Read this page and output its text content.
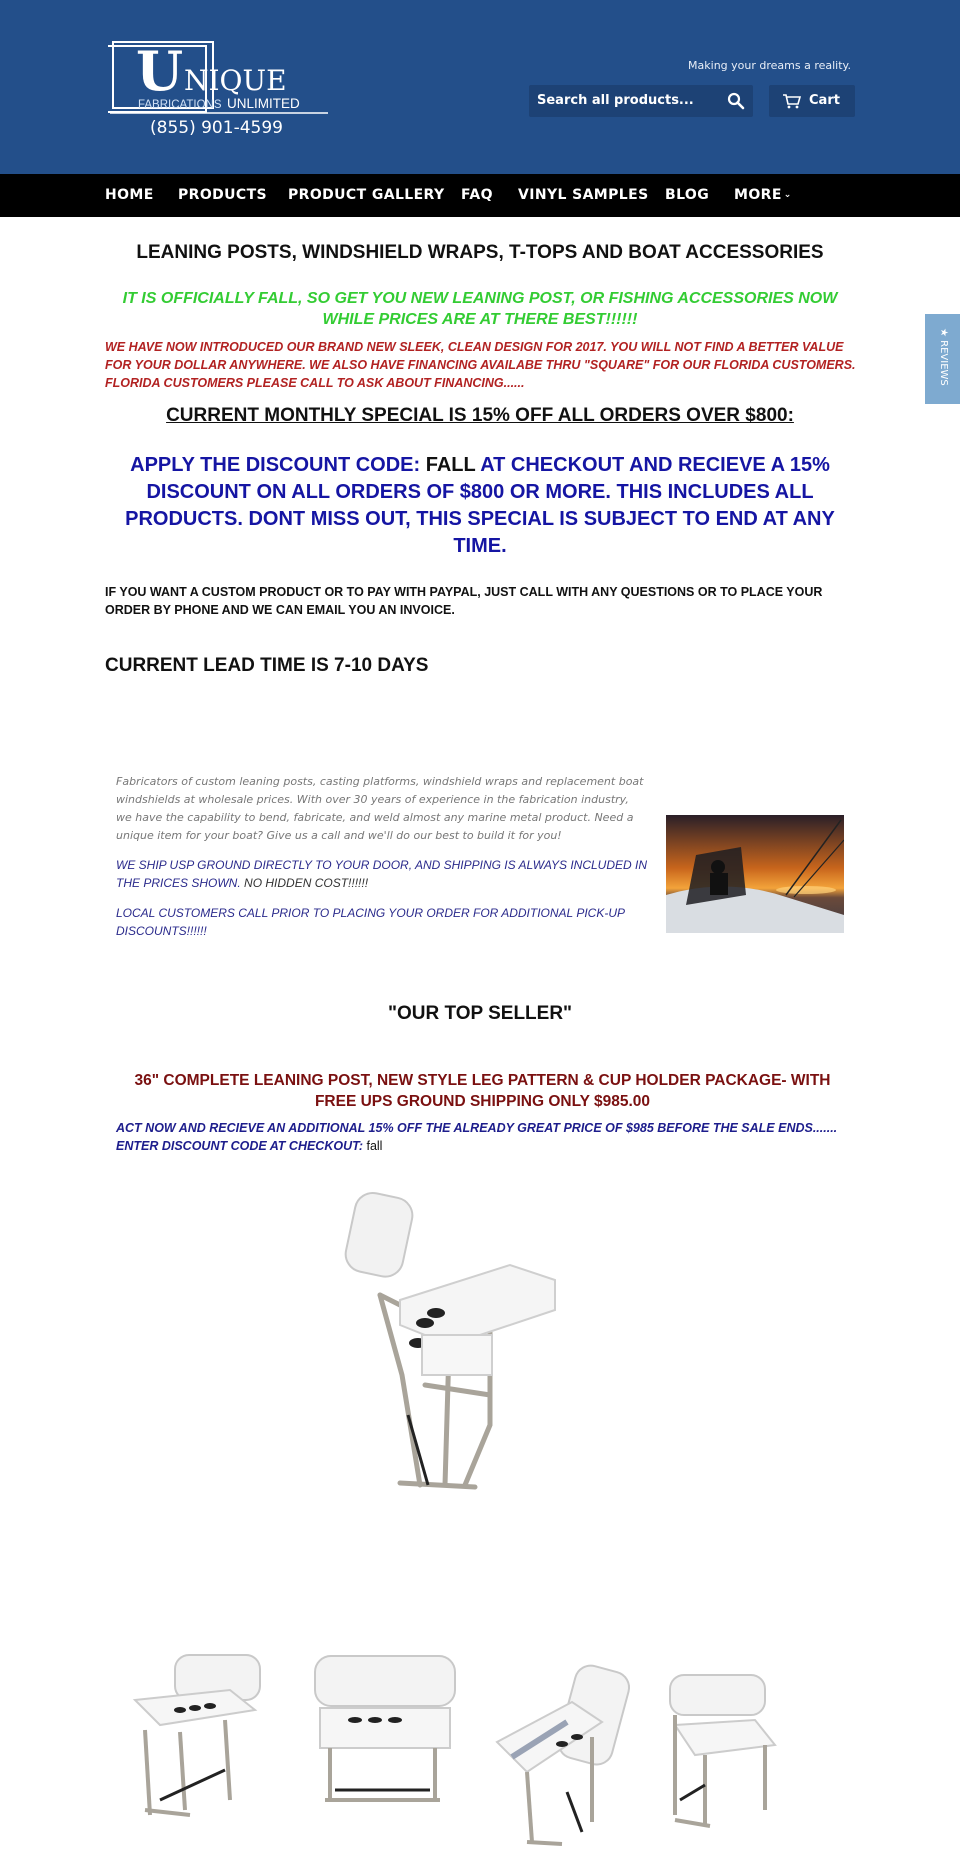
U NIQUE
FABRICATIONS UNLIMITED
(855) 901-4599
Making your dreams a reality.
Search all products...	Cart
HOME PRODUCTS PRODUCT GALLERY FAQ VINYL SAMPLES BLOG MORE ⌄
★ REVIEWS
LEANING POSTS, WINDSHIELD WRAPS, T-TOPS AND BOAT ACCESSORIES
IT IS OFFICIALLY FALL, SO GET YOU NEW LEANING POST, OR FISHING ACCESSORIES NOW WHILE PRICES ARE AT THERE BEST!!!!!!
WE HAVE NOW INTRODUCED OUR BRAND NEW SLEEK, CLEAN DESIGN FOR 2017. YOU WILL NOT FIND A BETTER VALUE FOR YOUR DOLLAR ANYWHERE. WE ALSO HAVE FINANCING AVAILABE THRU "SQUARE" FOR OUR FLORIDA CUSTOMERS. FLORIDA CUSTOMERS PLEASE CALL TO ASK ABOUT FINANCING......
CURRENT MONTHLY SPECIAL IS 15% OFF ALL ORDERS OVER $800:
APPLY THE DISCOUNT CODE: FALL AT CHECKOUT AND RECIEVE A 15% DISCOUNT ON ALL ORDERS OF $800 OR MORE. THIS INCLUDES ALL PRODUCTS. DONT MISS OUT, THIS SPECIAL IS SUBJECT TO END AT ANY TIME.
IF YOU WANT A CUSTOM PRODUCT OR TO PAY WITH PAYPAL, JUST CALL WITH ANY QUESTIONS OR TO PLACE YOUR ORDER BY PHONE AND WE CAN EMAIL YOU AN INVOICE.
CURRENT LEAD TIME IS 7-10 DAYS
Fabricators of custom leaning posts, casting platforms, windshield wraps and replacement boat windshields at wholesale prices. With over 30 years of experience in the fabrication industry, we have the capability to bend, fabricate, and weld almost any marine metal product. Need a unique item for your boat? Give us a call and we'll do our best to build it for you!
WE SHIP USP GROUND DIRECTLY TO YOUR DOOR, AND SHIPPING IS ALWAYS INCLUDED IN THE PRICES SHOWN. NO HIDDEN COST!!!!!!
LOCAL CUSTOMERS CALL PRIOR TO PLACING YOUR ORDER FOR ADDITIONAL PICK-UP DISCOUNTS!!!!!!
"OUR TOP SELLER"
36" COMPLETE LEANING POST, NEW STYLE LEG PATTERN & CUP HOLDER PACKAGE- WITH FREE UPS GROUND SHIPPING ONLY $985.00
ACT NOW AND RECIEVE AN ADDITIONAL 15% OFF THE ALREADY GREAT PRICE OF $985 BEFORE THE SALE ENDS....... ENTER DISCOUNT CODE AT CHECKOUT: fall
